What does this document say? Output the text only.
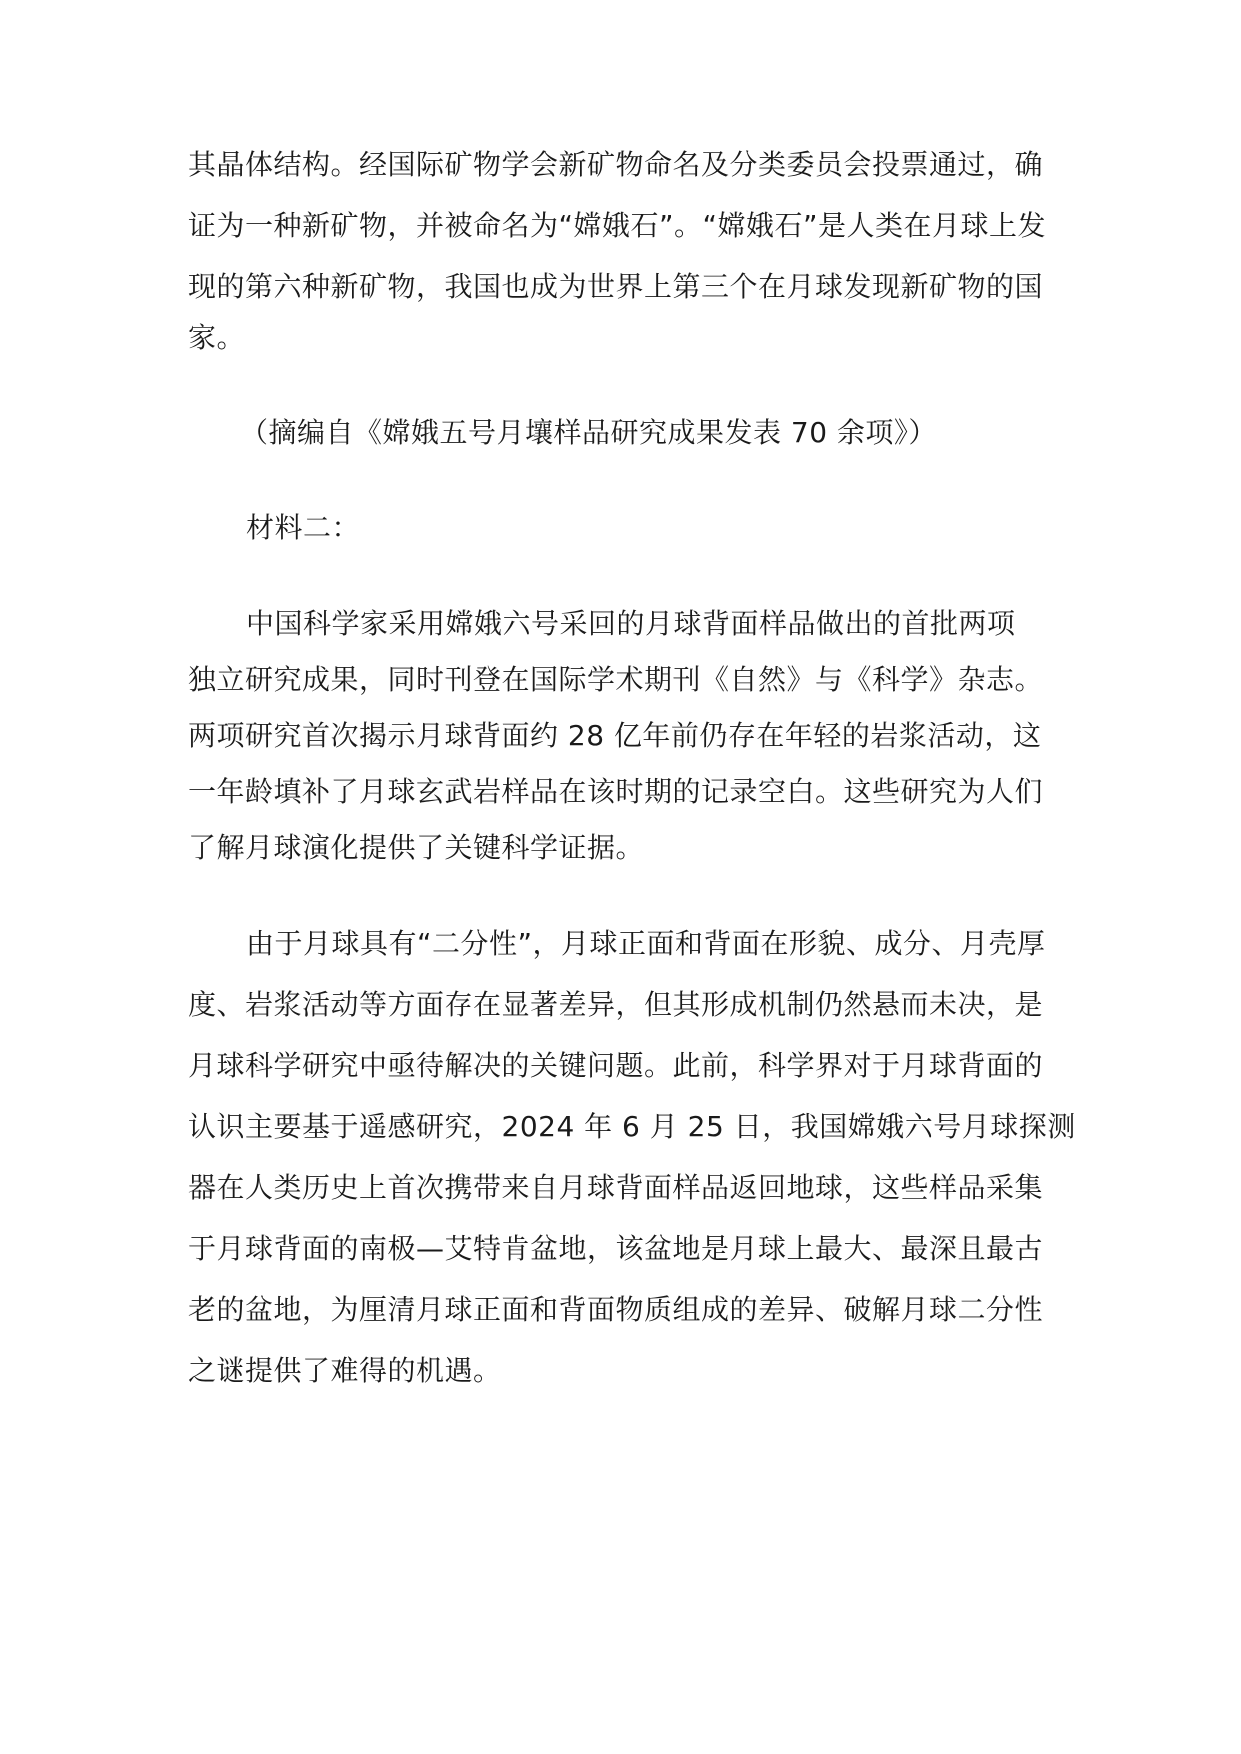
其晶体结构。经国际矿物学会新矿物命名及分类委员会投票通过，确
证为一种新矿物，并被命名为“嫦娥石”。“嫦娥石”是人类在月球上发
现的第六种新矿物，我国也成为世界上第三个在月球发现新矿物的国
家。
（摘编自《嫦娥五号月壤样品研究成果发表 70 余项》）
材料二：
中国科学家采用嫦娥六号采回的月球背面样品做出的首批两项
独立研究成果，同时刊登在国际学术期刊《自然》与《科学》杂志。
两项研究首次揭示月球背面约 28 亿年前仍存在年轻的岩浆活动，这
一年龄填补了月球玄武岩样品在该时期的记录空白。这些研究为人们
了解月球演化提供了关键科学证据。
由于月球具有“二分性”，月球正面和背面在形貌、成分、月壳厚
度、岩浆活动等方面存在显著差异，但其形成机制仍然悬而未决，是
月球科学研究中亟待解决的关键问题。此前，科学界对于月球背面的
认识主要基于遥感研究，2024 年 6 月 25 日，我国嫦娥六号月球探测
器在人类历史上首次携带来自月球背面样品返回地球，这些样品采集
于月球背面的南极—艾特肯盆地，该盆地是月球上最大、最深且最古
老的盆地，为厘清月球正面和背面物质组成的差异、破解月球二分性
之谜提供了难得的机遇。
